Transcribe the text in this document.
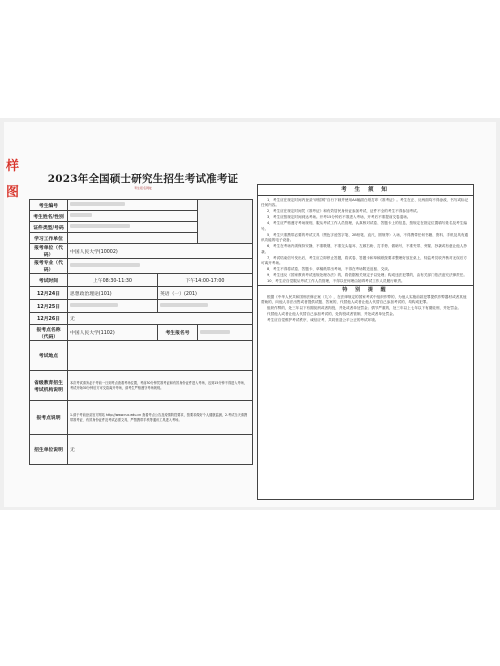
样
图
2023年全国硕士研究生招生考试准考证
考生报名网址
考生编号			
考生姓名/性别			
证件类型/号码			
学习工作单位			
报考单位（代码）	中国人民大学(10002)		
报考专业（代码）			
考试时间	上午08:30-11:30	下午14:00-17:00	
12月24日	思想政治理论(101)	英语（一）(201)	
12月25日			
12月26日	无		
报考点名称（代码）	中国人民大学(1102)	考生报名号	
考试地点			
省级教育招生考试机构说明	本次考试请务必于考前一日到考点查看考场位置，考前30分钟凭准考证和有效身份证件进入考场，迟到15分钟不得进入考场，考试开始30分钟后方可交卷离开考场，请考生严格遵守考场规则。		
报考点说明	1.请于考前登录官方网站 http://www.ruc.edu.cn 查看考点公告及疫情防控要求，按要求做好个人健康监测，2.考试当天请携带准考证、有效身份证件及考试必需文具，严禁携带手机等通讯工具进入考场。		
招生单位说明	无		
考 生 须 知

1．考生应在规定时间内登录“研招网”自行下载并使用A4幅面白纸打印《准考证》。考生在正、反两面均不得涂改、书写或标记任何内容。

2．考生应在规定时间凭《准考证》和有效居民身份证参加考试，证件不全的考生不得参加考试。

3．考生应按规定时间到达考场。开考15分钟后不准进入考场，开考后不准提前交卷退场。

4．考生应严格遵守考场规则，服从考试工作人员管理，认真核对试卷、答题卡上的信息，按规定在指定位置填写姓名及考生编号。

5．考生只准携带必要的考试文具（黑色字迹签字笔、2B铅笔、直尺、圆规等）入场，不得携带任何书籍、资料、手机及具有通讯功能的电子设备。

6．考生在考场内须保持安静，不准吸烟，不准交头接耳、左顾右盼、打手势、做暗号，不准夹带、旁窥、抄袭或有意让他人抄袭。

7．考试结束信号发出后，考生应立即停止答题，将试卷、答题卡和草稿纸按要求整理好放在桌上，待监考员收齐核对无误后方可离开考场。

8．考生不得将试卷、答题卡、草稿纸带出考场，不得在考场附近逗留、交谈。

9．考生违反《国家教育考试违规处理办法》的，将依据相关规定予以处理；构成违法犯罪的，由有关部门依法追究法律责任。

10．考生应自觉服从考试工作人员管理，不得以任何理由妨碍考试工作人员履行职责。

特 别 提 醒

根据《中华人民共和国刑法修正案（九）》，在法律规定的国家考试中组织作弊的，为他人实施前款犯罪提供作弊器材或者其他帮助的，向他人非法出售或者提供试题、答案的，代替他人或者让他人代替自己参加考试的，均构成犯罪。

组织作弊的，处三年以下有期徒刑或者拘役，并处或者单处罚金；情节严重的，处三年以上七年以下有期徒刑，并处罚金。

代替他人或者让他人代替自己参加考试的，处拘役或者管制，并处或者单处罚金。

考生应自觉维护考试秩序，诚信应考，共同营造公平公正的考试环境。
